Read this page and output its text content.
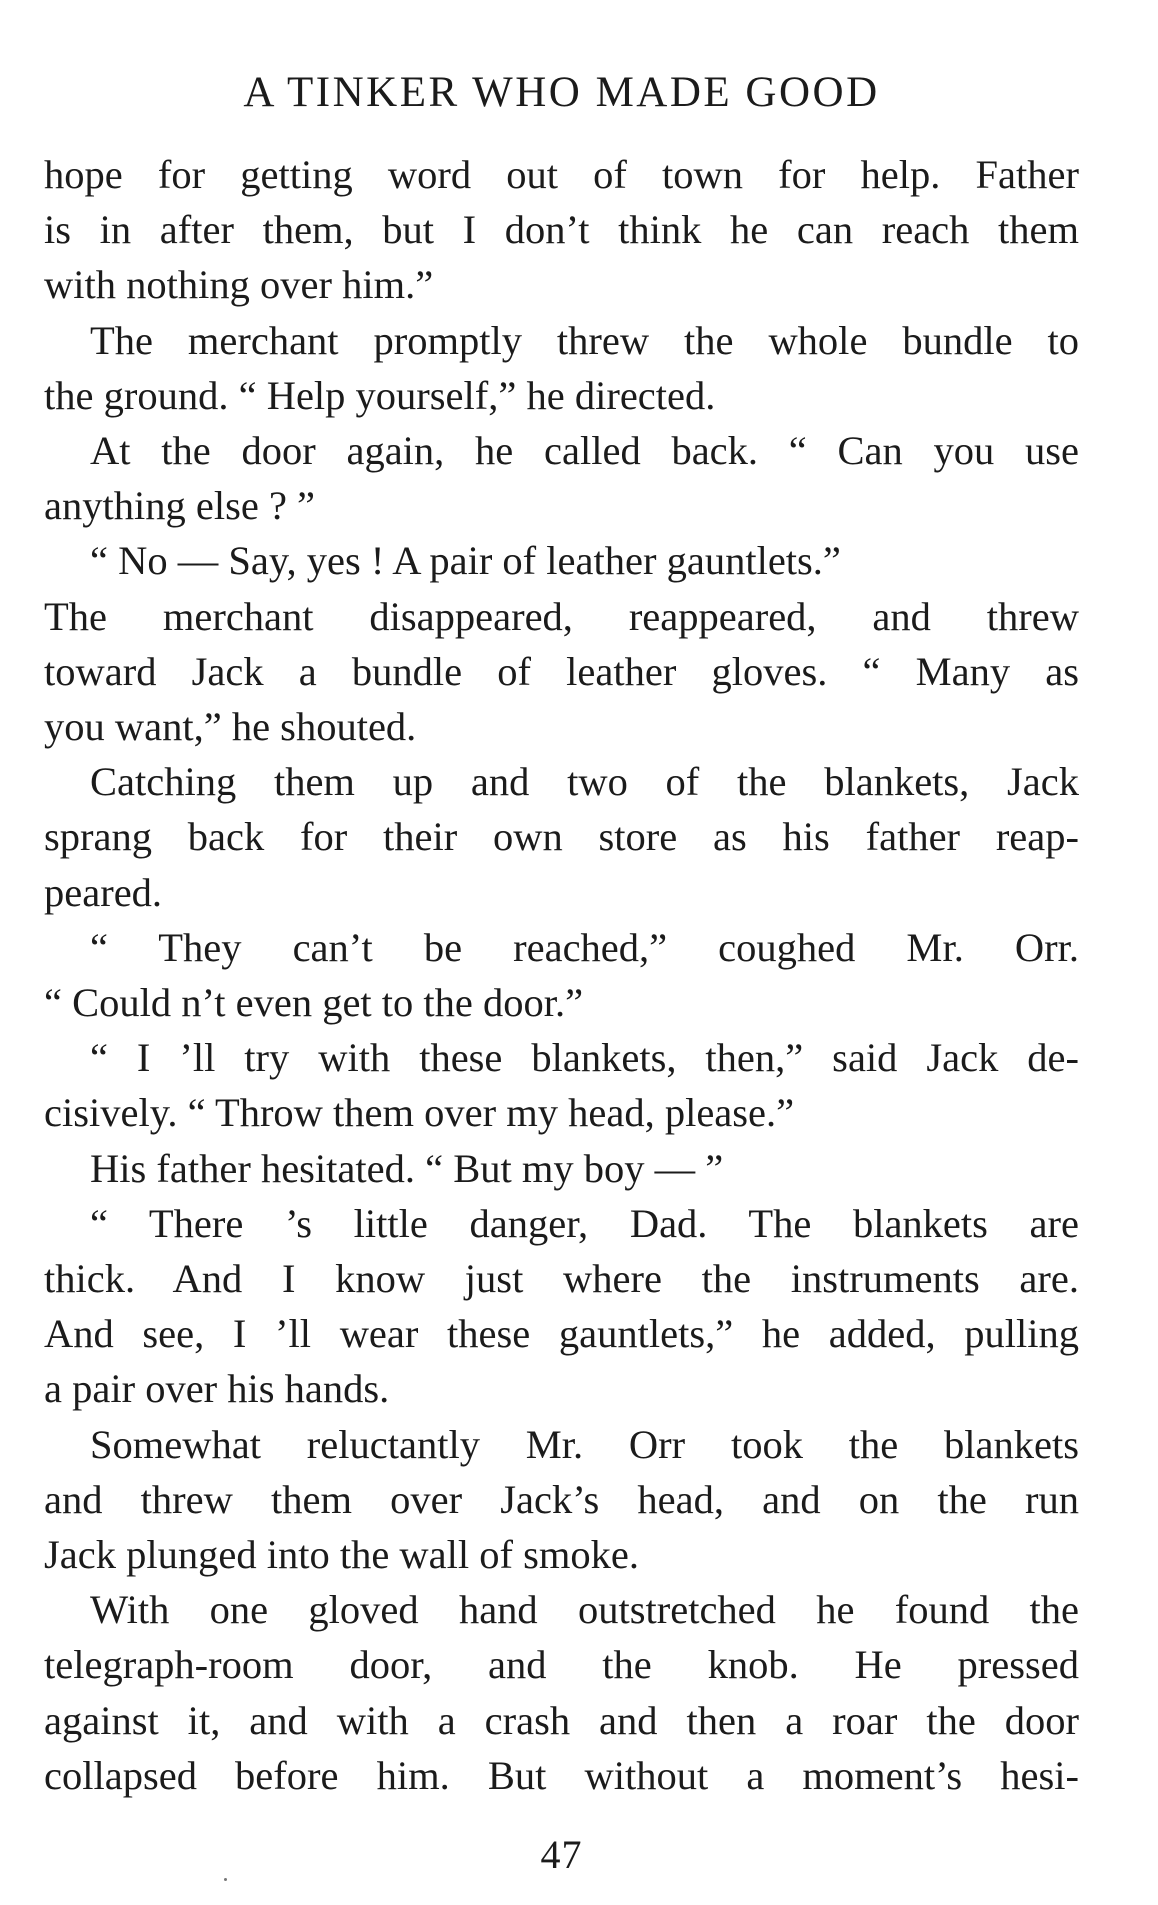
A TINKER WHO MADE GOOD

hope for getting word out of town for help. Father
is in after them, but I don’t think he can reach them
with nothing over him.”

The merchant promptly threw the whole bundle to
the ground. “ Help yourself,” he directed.

At the door again, he called back. “ Can you use
anything else ? ”

“ No — Say, yes ! A pair of leather gauntlets.”

The merchant disappeared, reappeared, and threw
toward Jack a bundle of leather gloves. “ Many as
you want,” he shouted.

Catching them up and two of the blankets, Jack
sprang back for their own store as his father reap-
peared.

“ They can’t be reached,” coughed Mr. Orr.
“ Could n’t even get to the door.”

“ I ’ll try with these blankets, then,” said Jack de-
cisively. “ Throw them over my head, please.”

His father hesitated. “ But my boy — ”

“ There ’s little danger, Dad. The blankets are
thick. And I know just where the instruments are.
And see, I ’ll wear these gauntlets,” he added, pulling
a pair over his hands.

Somewhat reluctantly Mr. Orr took the blankets
and threw them over Jack’s head, and on the run
Jack plunged into the wall of smoke.

With one gloved hand outstretched he found the
telegraph-room door, and the knob. He pressed
against it, and with a crash and then a roar the door
collapsed before him. But without a moment’s hesi-

47
